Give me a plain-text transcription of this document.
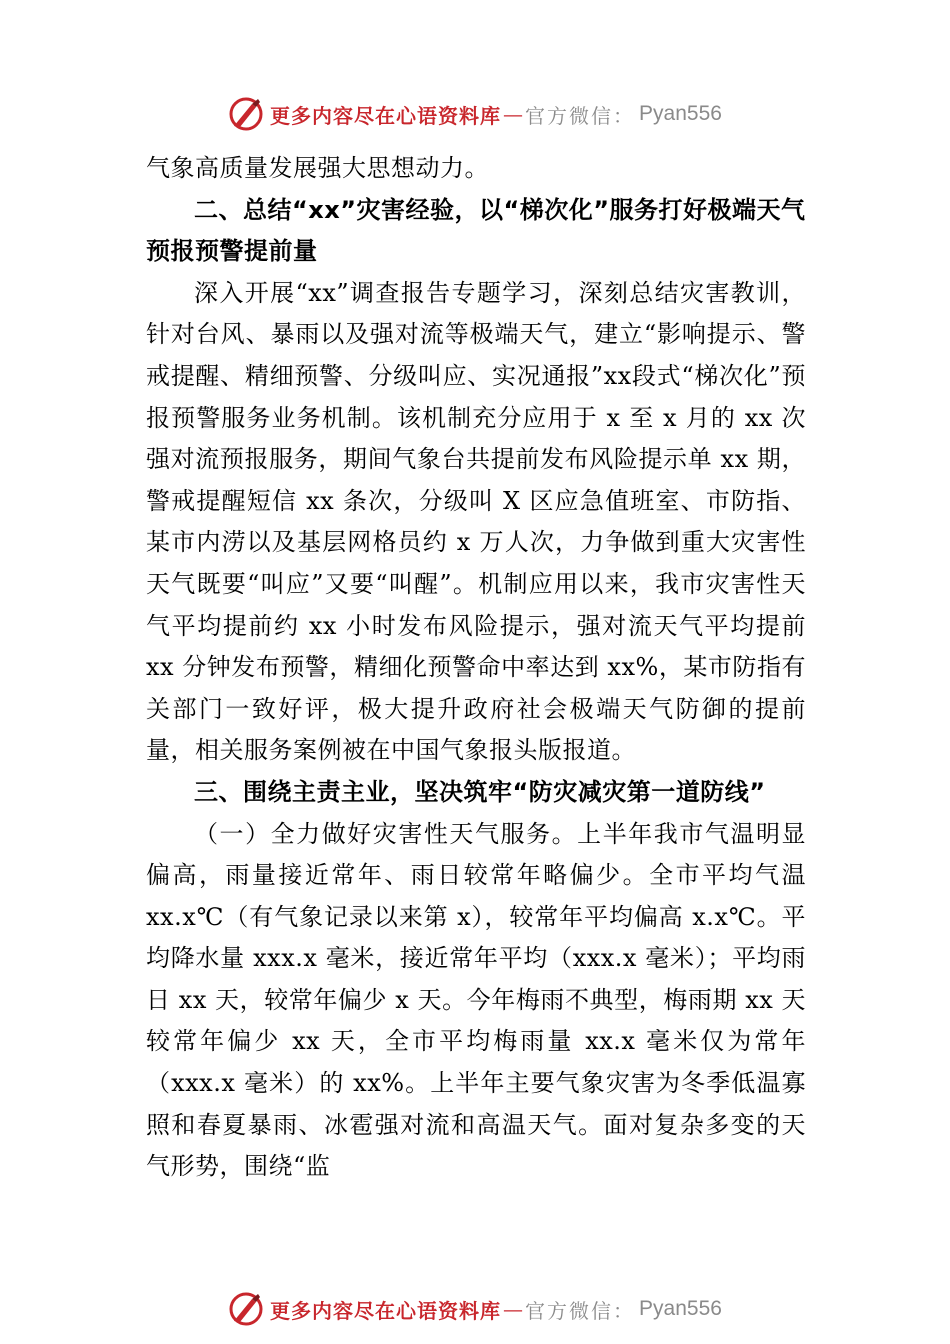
更多内容尽在心语资料库 — 官方微信： Pyan556

气象高质量发展强大思想动力。

二、总结“xx”灾害经验，以“梯次化”服务打好极端天气预报预警提前量

深入开展“xx”调查报告专题学习，深刻总结灾害教训，针对台风、暴雨以及强对流等极端天气，建立“影响提示、警戒提醒、精细预警、分级叫应、实况通报”xx段式“梯次化”预报预警服务业务机制。该机制充分应用于 x 至 x 月的 xx 次强对流预报服务，期间气象台共提前发布风险提示单 xx 期，警戒提醒短信 xx 条次，分级叫 X 区应急值班室、市防指、某市内涝以及基层网格员约 x 万人次，力争做到重大灾害性天气既要“叫应”又要“叫醒”。机制应用以来，我市灾害性天气平均提前约 xx 小时发布风险提示，强对流天气平均提前 xx 分钟发布预警，精细化预警命中率达到 xx%，某市防指有关部门一致好评，极大提升政府社会极端天气防御的提前量，相关服务案例被在中国气象报头版报道。

三、围绕主责主业，坚决筑牢“防灾减灾第一道防线”

（一）全力做好灾害性天气服务。上半年我市气温明显偏高，雨量接近常年、雨日较常年略偏少。全市平均气温 xx.x℃（有气象记录以来第 x），较常年平均偏高 x.x℃。平均降水量 xxx.x 毫米，接近常年平均（xxx.x 毫米）；平均雨日 xx 天，较常年偏少 x 天。今年梅雨不典型，梅雨期 xx 天较常年偏少 xx 天，全市平均梅雨量 xx.x 毫米仅为常年（xxx.x 毫米）的 xx%。上半年主要气象灾害为冬季低温寡照和春夏暴雨、冰雹强对流和高温天气。面对复杂多变的天气形势，围绕“监

更多内容尽在心语资料库 — 官方微信： Pyan556
